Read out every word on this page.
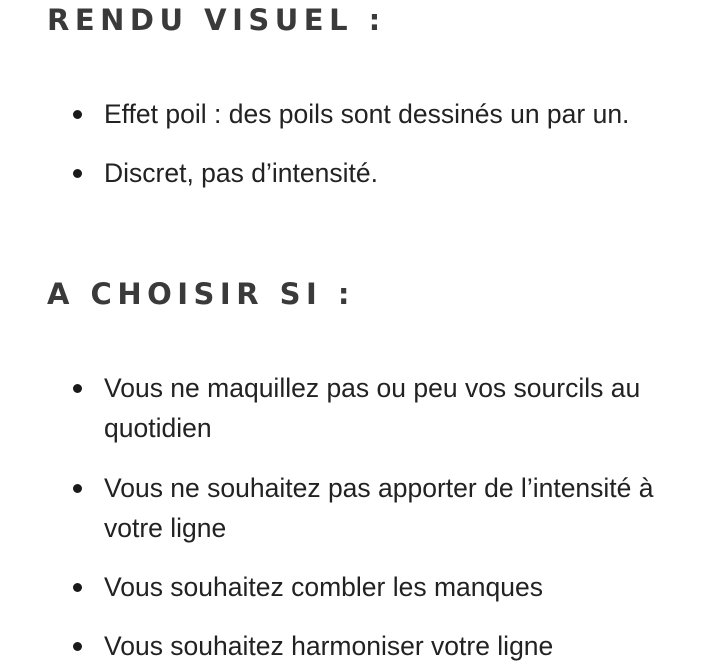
RENDU VISUEL :
Effet poil : des poils sont dessinés un par un.
Discret, pas d’intensité.
A CHOISIR SI :
Vous ne maquillez pas ou peu vos sourcils au quotidien
Vous ne souhaitez pas apporter de l’intensité à votre ligne
Vous souhaitez combler les manques
Vous souhaitez harmoniser votre ligne
